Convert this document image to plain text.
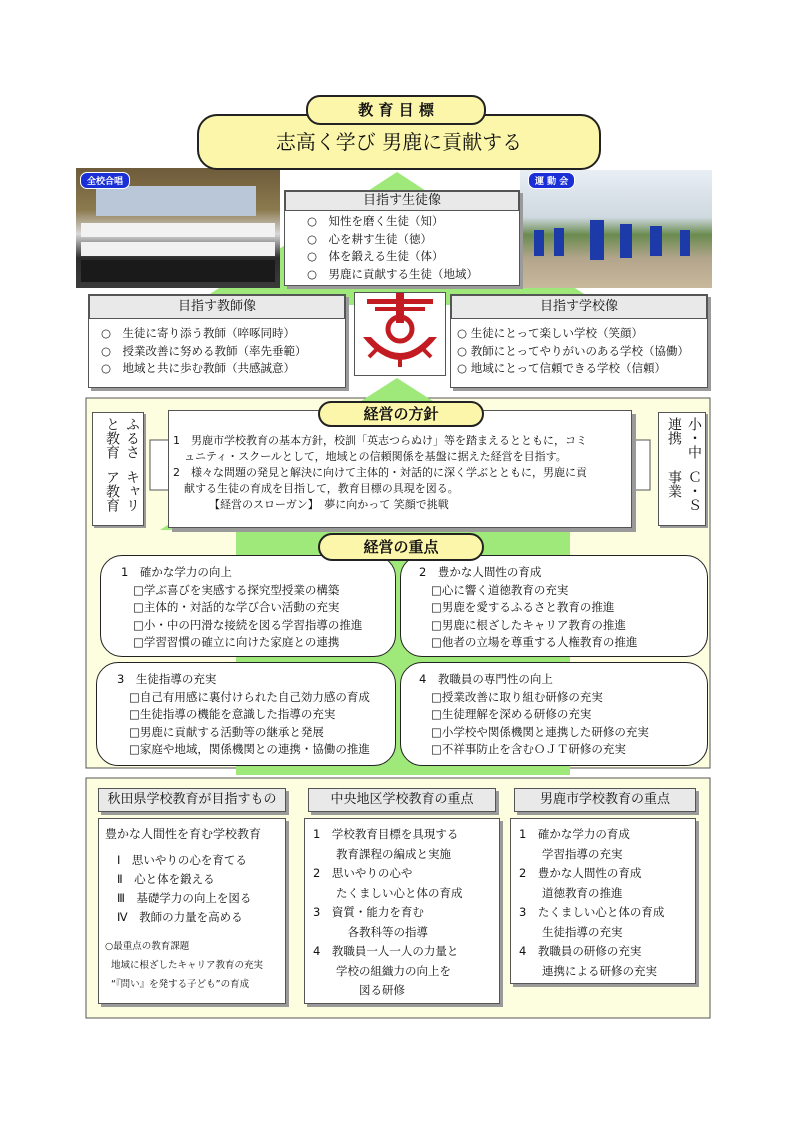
教 育 目 標
志高く学び 男鹿に貢献する
全校合唱	運 動 会
目指す生徒像
○　知性を磨く生徒（知）
○　心を耕す生徒（徳）
○　体を鍛える生徒（体）
○　男鹿に貢献する生徒（地域）
目指す教師像
○　生徒に寄り添う教師（啐啄同時）
○　授業改善に努める教師（率先垂範）
○　地域と共に歩む教師（共感誠意）
目指す学校像
○ 生徒にとって楽しい学校（笑顔）
○ 教師にとってやりがいのある学校（協働）
○ 地域にとって信頼できる学校（信頼）
ふるさと教育
キャリア教育
小・中連携
Ｃ・Ｓ事業
1　男鹿市学校教育の基本方針，校訓「英志つらぬけ」等を踏まえるとともに，コミ
　ュニティ・スクールとして，地域との信頼関係を基盤に据えた経営を目指す。
2　様々な問題の発見と解決に向けて主体的・対話的に深く学ぶとともに，男鹿に貢
　献する生徒の育成を目指して，教育目標の具現を図る。
【経営のスローガン】　夢に向かって 笑顔で挑戦
経営の方針
経営の重点
1　確かな学力の向上
□学ぶ喜びを実感する探究型授業の構築
□主体的・対話的な学び合い活動の充実
□小・中の円滑な接続を図る学習指導の推進
□学習習慣の確立に向けた家庭との連携
2　豊かな人間性の育成
□心に響く道徳教育の充実
□男鹿を愛するふるさと教育の推進
□男鹿に根ざしたキャリア教育の推進
□他者の立場を尊重する人権教育の推進
3　生徒指導の充実
□自己有用感に裏付けられた自己効力感の育成
□生徒指導の機能を意識した指導の充実
□男鹿に貢献する活動等の継承と発展
□家庭や地域，関係機関との連携・協働の推進
4　教職員の専門性の向上
□授業改善に取り組む研修の充実
□生徒理解を深める研修の充実
□小学校や関係機関と連携した研修の充実
□不祥事防止を含むＯＪＴ研修の充実
秋田県学校教育が目指すもの
豊かな人間性を育む学校教育
Ⅰ　思いやりの心を育てる
Ⅱ　心と体を鍛える
Ⅲ　基礎学力の向上を図る
Ⅳ　教師の力量を高める
○最重点の教育課題
地域に根ざしたキャリア教育の充実
“『問い』を発する子ども”の育成
中央地区学校教育の重点
1　学校教育目標を具現する
　　教育課程の編成と実施
2　思いやりの心や
　　たくましい心と体の育成
3　資質・能力を育む
　　　各教科等の指導
4　教職員一人一人の力量と
　　学校の組織力の向上を
　　　　図る研修
男鹿市学校教育の重点
1　確かな学力の育成
　　学習指導の充実
2　豊かな人間性の育成
　　道徳教育の推進
3　たくましい心と体の育成
　　生徒指導の充実
4　教職員の研修の充実
　　連携による研修の充実
